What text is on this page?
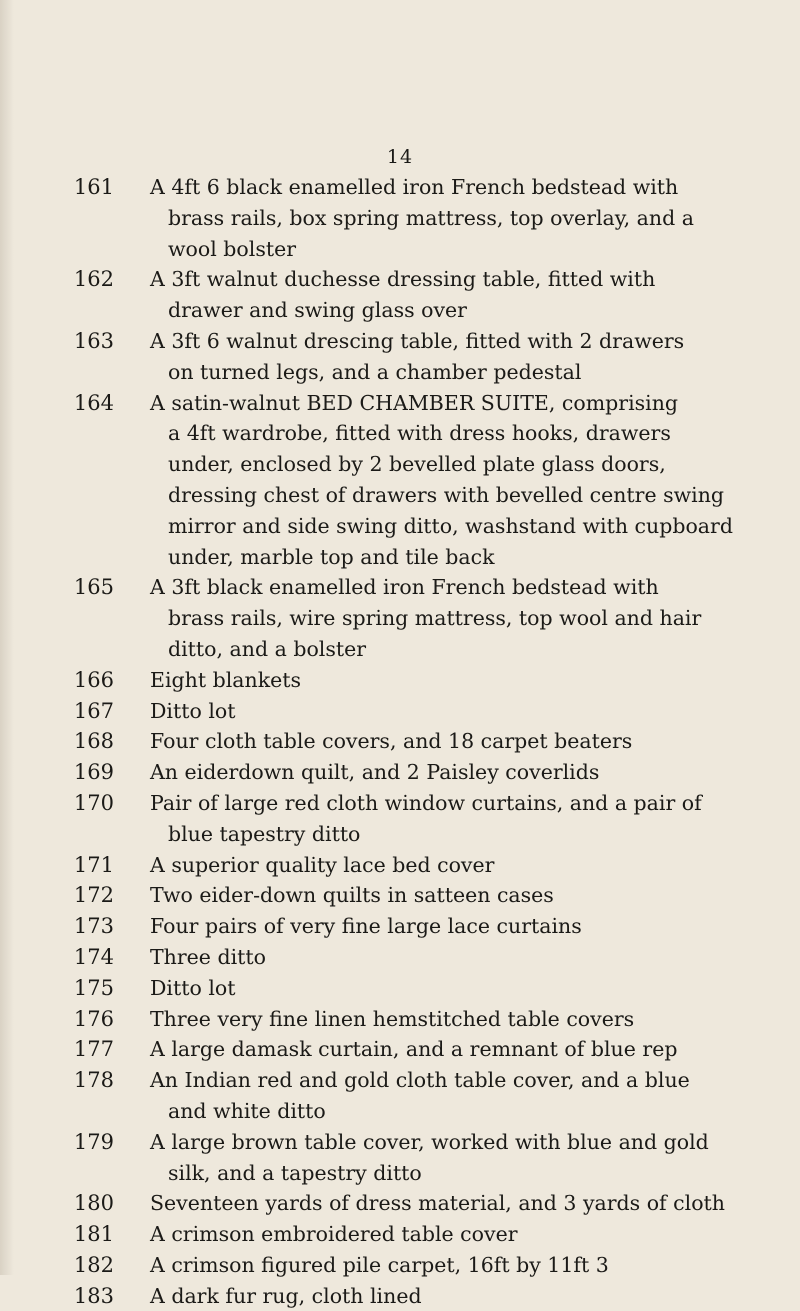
14
161	A 4ft 6 black enamelled iron French bedstead with
brass rails, box spring mattress, top overlay, and a
wool bolster
162	A 3ft walnut duchesse dressing table, fitted with
drawer and swing glass over
163	A 3ft 6 walnut drescing table, fitted with 2 drawers
on turned legs, and a chamber pedestal
164	A satin-walnut BED CHAMBER SUITE, comprising
a 4ft wardrobe, fitted with dress hooks, drawers
under, enclosed by 2 bevelled plate glass doors,
dressing chest of drawers with bevelled centre swing
mirror and side swing ditto, washstand with cupboard
under, marble top and tile back
165	A 3ft black enamelled iron French bedstead with
brass rails, wire spring mattress, top wool and hair
ditto, and a bolster
166	Eight blankets
167	Ditto lot
168	Four cloth table covers, and 18 carpet beaters
169	An eiderdown quilt, and 2 Paisley coverlids
170	Pair of large red cloth window curtains, and a pair of
blue tapestry ditto
171	A superior quality lace bed cover
172	Two eider-down quilts in satteen cases
173	Four pairs of very fine large lace curtains
174	Three ditto
175	Ditto lot
176	Three very fine linen hemstitched table covers
177	A large damask curtain, and a remnant of blue rep
178	An Indian red and gold cloth table cover, and a blue
and white ditto
179	A large brown table cover, worked with blue and gold
silk, and a tapestry ditto
180	Seventeen yards of dress material, and 3 yards of cloth
181	A crimson embroidered table cover
182	A crimson figured pile carpet, 16ft by 11ft 3
183	A dark fur rug, cloth lined
